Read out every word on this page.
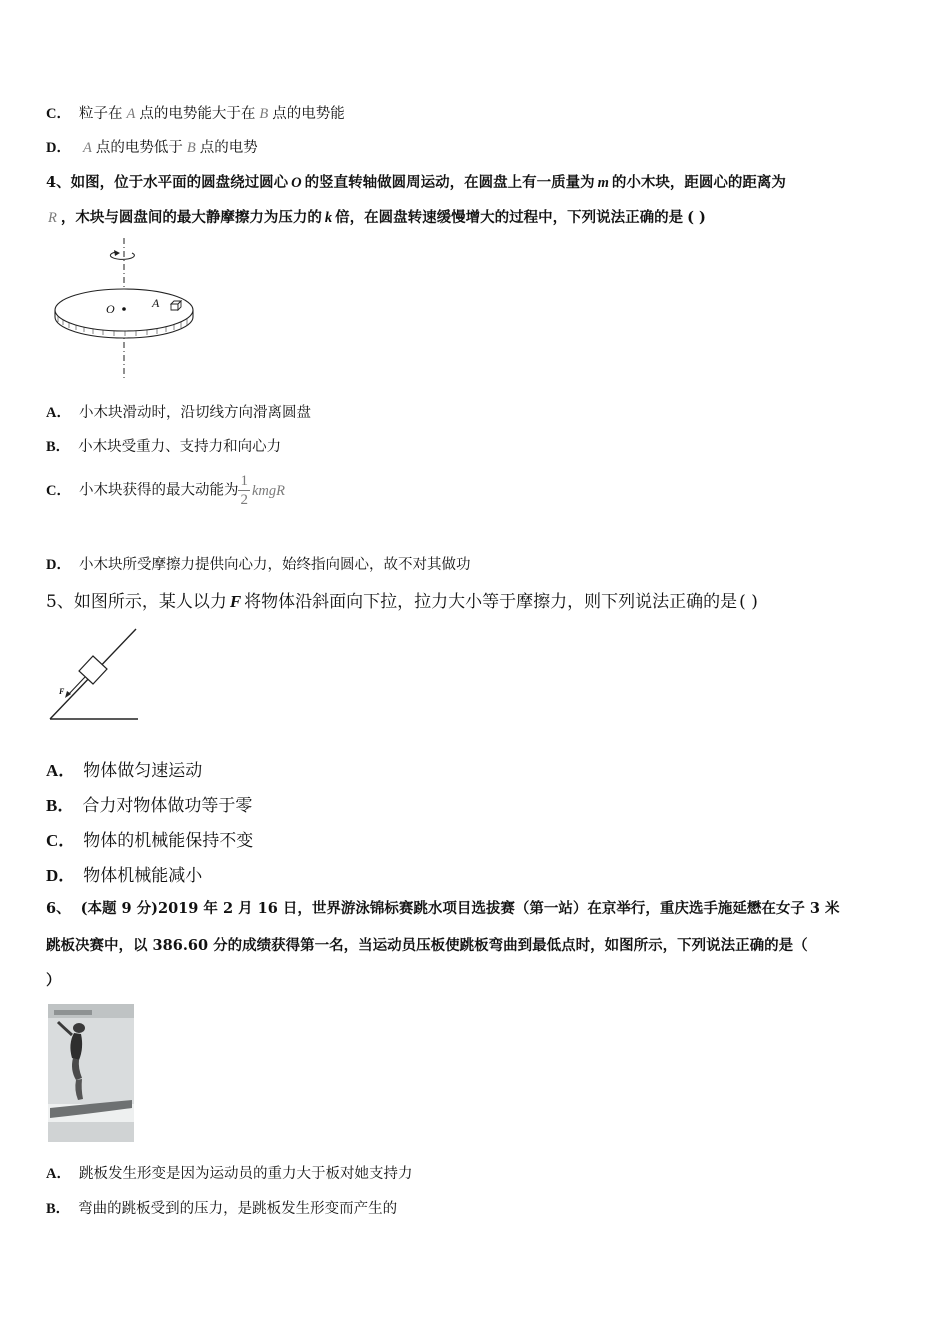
C． 粒子在 A 点的电势能大于在 B 点的电势能
D． A 点的电势低于 B 点的电势
4、如图，位于水平面的圆盘绕过圆心 O 的竖直转轴做圆周运动，在圆盘上有一质量为 m 的小木块，距圆心的距离为
R ，木块与圆盘间的最大静摩擦力为压力的 k 倍，在圆盘转速缓慢增大的过程中，下列说法正确的是 ( )
O	A
A． 小木块滑动时，沿切线方向滑离圆盘
B． 小木块受重力、支持力和向心力
C． 小木块获得的最大动能为 $\frac{1}{2}$ kmgR
D． 小木块所受摩擦力提供向心力，始终指向圆心，故不对其做功
5、如图所示，某人以力 F 将物体沿斜面向下拉，拉力大小等于摩擦力，则下列说法正确的是 ( )
F
A． 物体做匀速运动
B． 合力对物体做功等于零
C． 物体的机械能保持不变
D． 物体机械能减小
6、 (本题 9 分)2019 年 2 月 16 日，世界游泳锦标赛跳水项目选拔赛（第一站）在京举行，重庆选手施延懋在女子 3 米
跳板决赛中，以 386.60 分的成绩获得第一名，当运动员压板使跳板弯曲到最低点时，如图所示，下列说法正确的是（
）
A． 跳板发生形变是因为运动员的重力大于板对她支持力
B． 弯曲的跳板受到的压力，是跳板发生形变而产生的
